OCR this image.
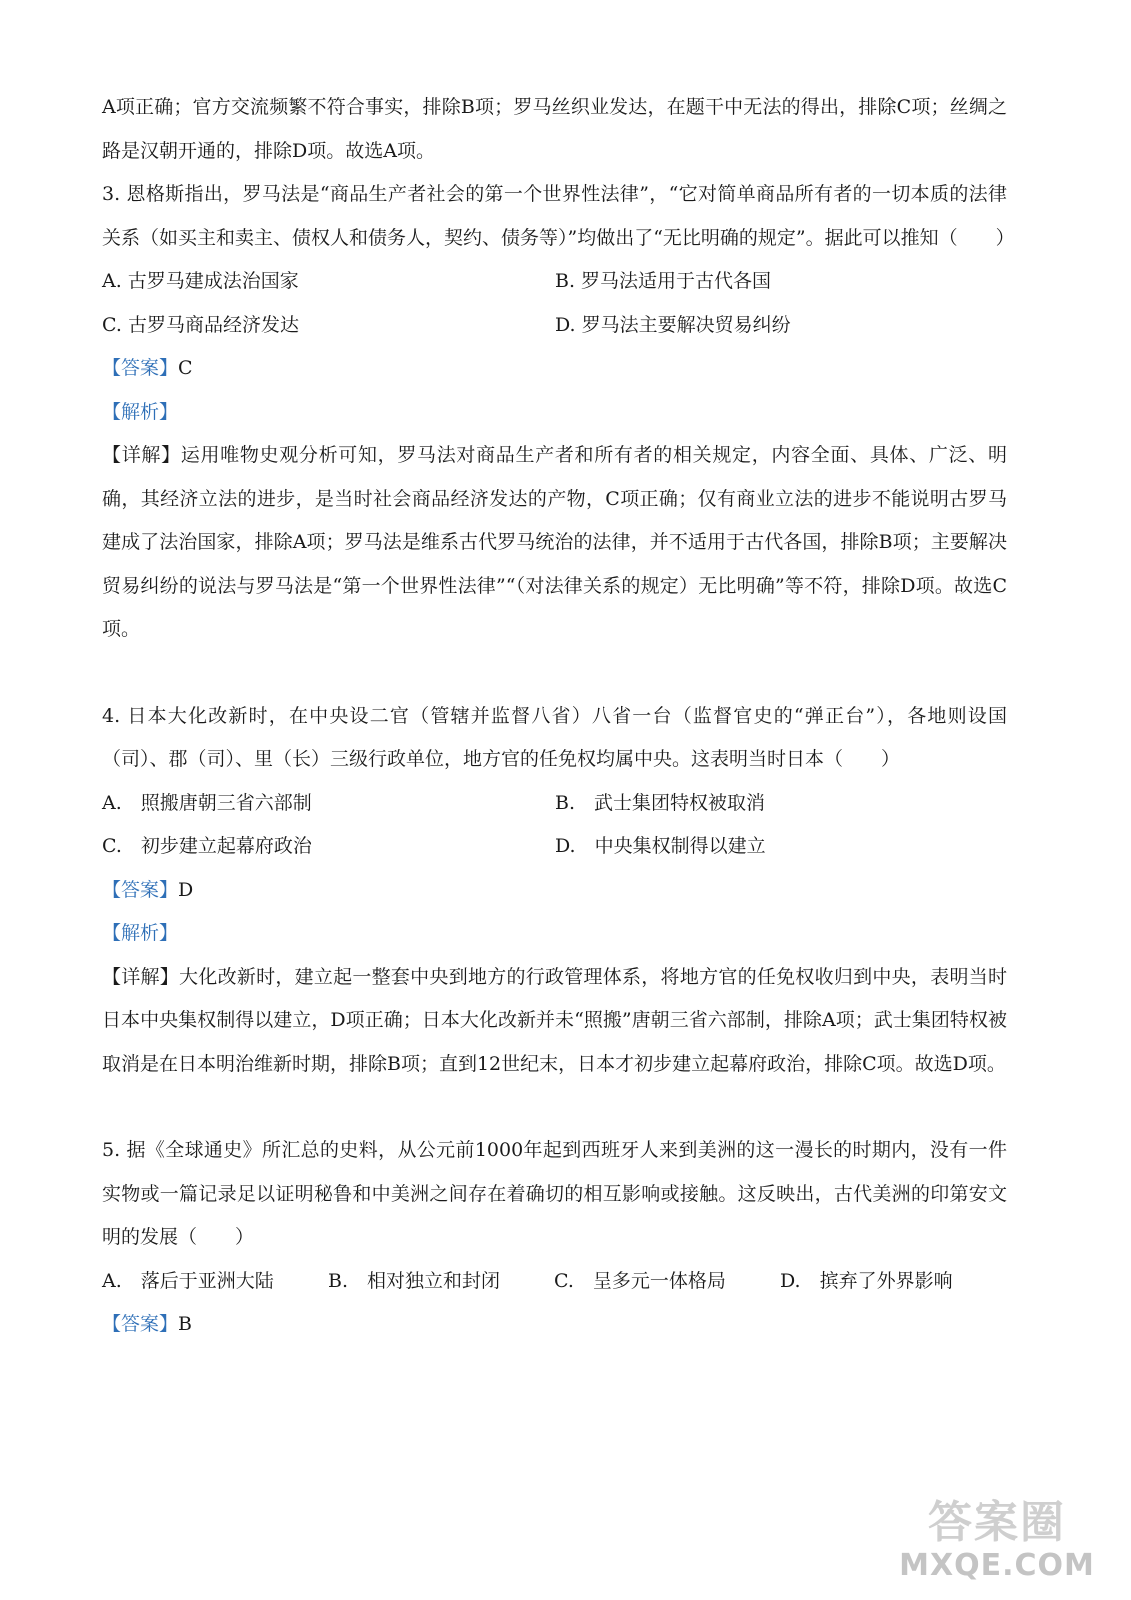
A项正确；官方交流频繁不符合事实，排除B项；罗马丝织业发达，在题干中无法的得出，排除C项；丝绸之路是汉朝开通的，排除D项。故选A项。

3. 恩格斯指出，罗马法是“商品生产者社会的第一个世界性法律”，“它对简单商品所有者的一切本质的法律关系（如买主和卖主、债权人和债务人，契约、债务等）”均做出了“无比明确的规定”。据此可以推知（　　）

A. 古罗马建成法治国家	B. 罗马法适用于古代各国
C. 古罗马商品经济发达	D. 罗马法主要解决贸易纠纷

【答案】C

【解析】

【详解】运用唯物史观分析可知，罗马法对商品生产者和所有者的相关规定，内容全面、具体、广泛、明确，其经济立法的进步，是当时社会商品经济发达的产物，C项正确；仅有商业立法的进步不能说明古罗马建成了法治国家，排除A项；罗马法是维系古代罗马统治的法律，并不适用于古代各国，排除B项；主要解决贸易纠纷的说法与罗马法是“第一个世界性法律”“（对法律关系的规定）无比明确”等不符，排除D项。故选C项。

4. 日本大化改新时，在中央设二官（管辖并监督八省）八省一台（监督官史的“弹正台”），各地则设国（司）、郡（司）、里（长）三级行政单位，地方官的任免权均属中央。这表明当时日本（　　）

A.　照搬唐朝三省六部制	B.　武士集团特权被取消
C.　初步建立起幕府政治	D.　中央集权制得以建立

【答案】D

【解析】

【详解】大化改新时，建立起一整套中央到地方的行政管理体系，将地方官的任免权收归到中央，表明当时日本中央集权制得以建立，D项正确；日本大化改新并未“照搬”唐朝三省六部制，排除A项；武士集团特权被取消是在日本明治维新时期，排除B项；直到12世纪末，日本才初步建立起幕府政治，排除C项。故选D项。

5. 据《全球通史》所汇总的史料，从公元前1000年起到西班牙人来到美洲的这一漫长的时期内，没有一件实物或一篇记录足以证明秘鲁和中美洲之间存在着确切的相互影响或接触。这反映出，古代美洲的印第安文明的发展（　　）

A.　落后于亚洲大陆	B.　相对独立和封闭	C.　呈多元一体格局	D.　摈弃了外界影响

【答案】B

答案圈
MXQE.COM
